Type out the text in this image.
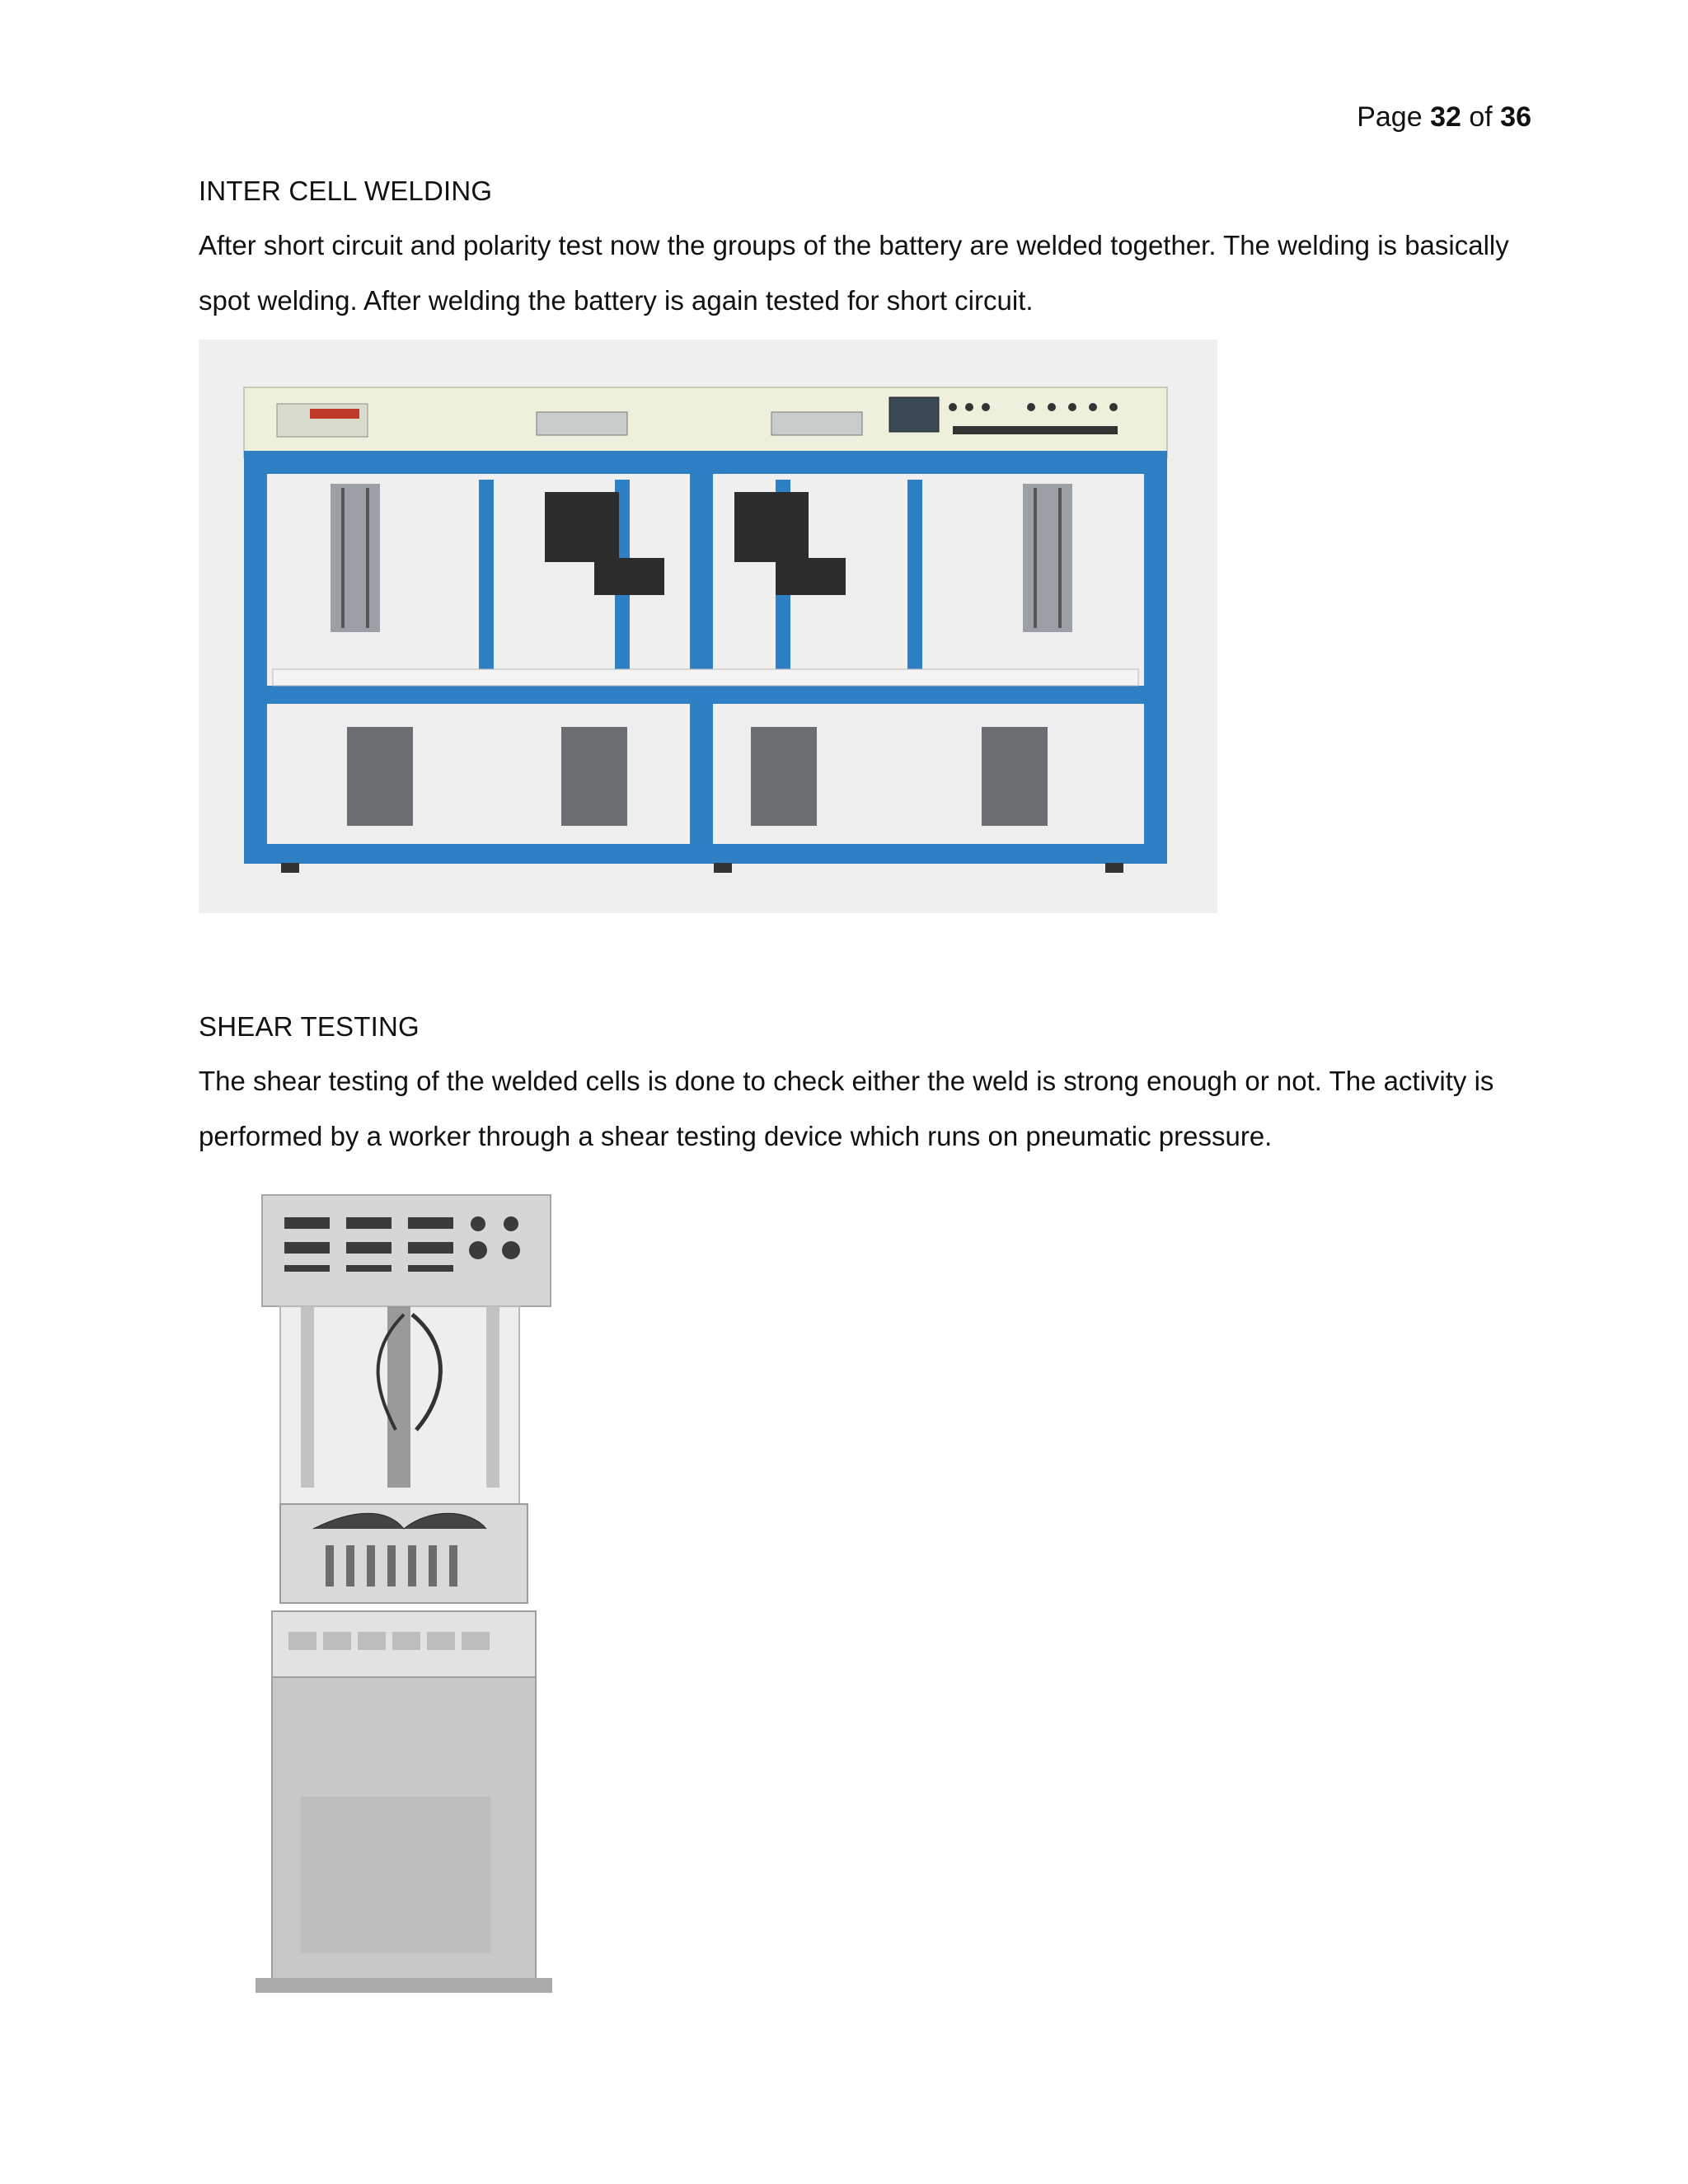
Page 32 of 36
INTER CELL WELDING

After short circuit and polarity test now the groups of the battery are welded together. The welding is basically spot welding. After welding the battery is again tested for short circuit.

SHEAR TESTING

The shear testing of the welded cells is done to check either the weld is strong enough or not. The activity is performed by a worker through a shear testing device which runs on pneumatic pressure.
